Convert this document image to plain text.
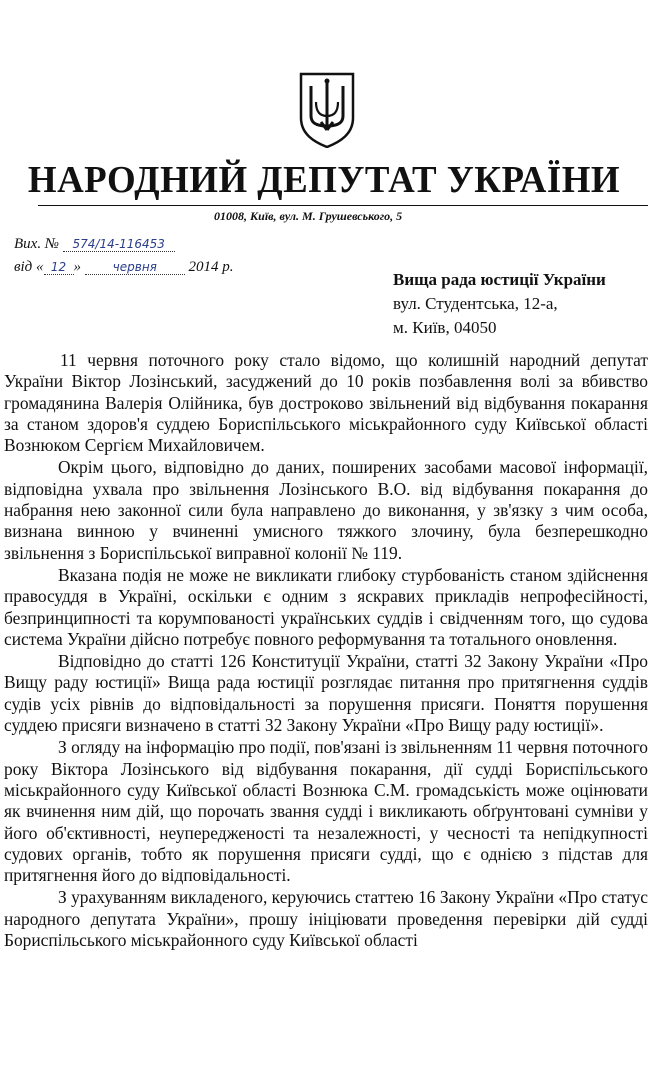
НАРОДНИЙ ДЕПУТАТ УКРАЇНИ
01008, Київ, вул. М. Грушевського, 5
Вих. № 574/14-116453
від « 12 »	червня 2014 р.
Вища рада юстиції України
вул. Студентська, 12-а,
м. Київ, 04050

11 червня поточного року стало відомо, що колишній народний депутат України Віктор Лозінський, засуджений до 10 років позбавлення волі за вбивство громадянина Валерія Олійника, був достроково звільнений від відбування покарання за станом здоров'я суддею Бориспільського міськрайонного суду Київської області Вознюком Сергієм Михайловичем.

Окрім цього, відповідно до даних, поширених засобами масової інформації, відповідна ухвала про звільнення Лозінського В.О. від відбування покарання до набрання нею законної сили була направлено до виконання, у зв'язку з чим особа, визнана винною у вчиненні умисного тяжкого злочину, була безперешкодно звільнення з Бориспільської виправної колонії № 119.

Вказана подія не може не викликати глибоку стурбованість станом здійснення правосуддя в Україні, оскільки є одним з яскравих прикладів непрофесійності, безпринципності та корумпованості українських суддів і свідченням того, що судова система України дійсно потребує повного реформування та тотального оновлення.

Відповідно до статті 126 Конституції України, статті 32 Закону України «Про Вищу раду юстиції» Вища рада юстиції розглядає питання про притягнення суддів судів усіх рівнів до відповідальності за порушення присяги. Поняття порушення суддею присяги визначено в статті 32 Закону України «Про Вищу раду юстиції».

З огляду на інформацію про події, пов'язані із звільненням 11 червня поточного року Віктора Лозінського від відбування покарання, дії судді Бориспільського міськрайонного суду Київської області Вознюка С.М. громадськість може оцінювати як вчинення ним дій, що порочать звання судді і викликають обґрунтовані сумніви у його об'єктивності, неупередженості та незалежності, у чесності та непідкупності судових органів, тобто як порушення присяги судді, що є однією з підстав для притягнення його до відповідальності.

З урахуванням викладеного, керуючись статтею 16 Закону України «Про статус народного депутата України», прошу ініціювати проведення перевірки дій судді Бориспільського міськрайонного суду Київської області
